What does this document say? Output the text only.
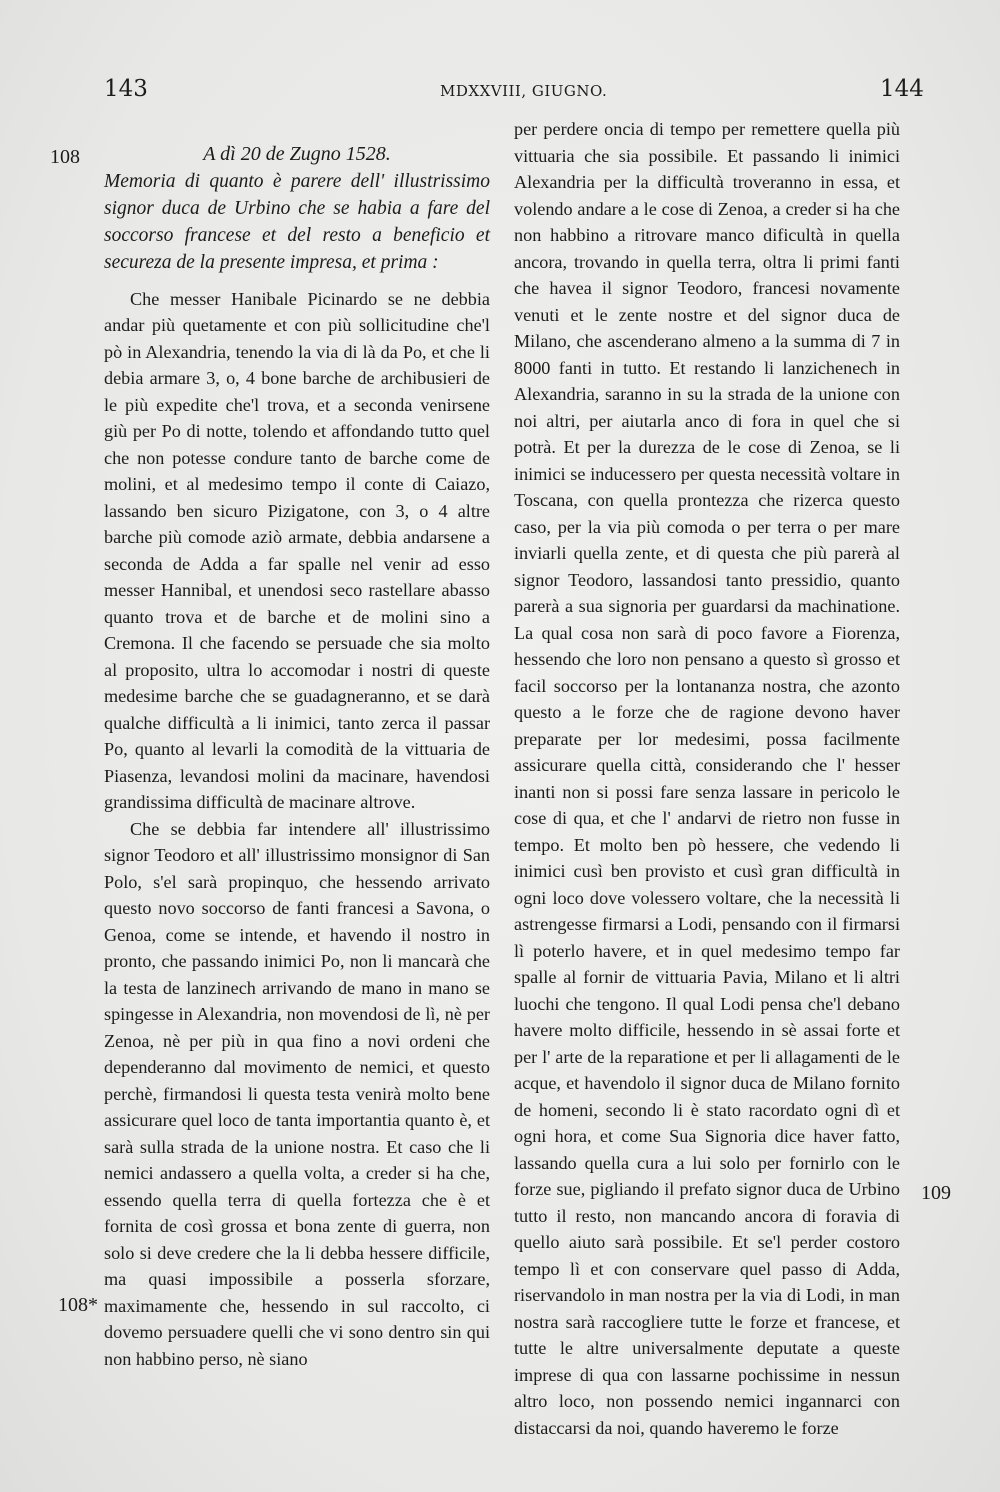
143	MDXXVIII, GIUGNO.	144
108
108*
109

A dì 20 de Zugno 1528.

Memoria di quanto è parere dell' illustrissimo signor duca de Urbino che se habia a fare del soccorso francese et del resto a beneficio et secureza de la presente impresa, et prima :

Che messer Hanibale Picinardo se ne debbia andar più quetamente et con più sollicitudine che'l pò in Alexandria, tenendo la via di là da Po, et che li debia armare 3, o, 4 bone barche de archibusieri de le più expedite che'l trova, et a seconda venirsene giù per Po di notte, tolendo et affondando tutto quel che non potesse condure tanto de barche come de molini, et al medesimo tempo il conte di Caiazo, lassando ben sicuro Pizigatone, con 3, o 4 altre barche più comode aziò armate, debbia andarsene a seconda de Adda a far spalle nel venir ad esso messer Hannibal, et unendosi seco rastellare abasso quanto trova et de barche et de molini sino a Cremona. Il che facendo se persuade che sia molto al proposito, ultra lo accomodar i nostri di queste medesime barche che se guadagneranno, et se darà qualche difficultà a li inimici, tanto zerca il passar Po, quanto al levarli la comodità de la vittuaria de Piasenza, levandosi molini da macinare, havendosi grandissima difficultà de macinare altrove.

Che se debbia far intendere all' illustrissimo signor Teodoro et all' illustrissimo monsignor di San Polo, s'el sarà propinquo, che hessendo arrivato questo novo soccorso de fanti francesi a Savona, o Genoa, come se intende, et havendo il nostro in pronto, che passando inimici Po, non li mancarà che la testa de lanzinech arrivando de mano in mano se spingesse in Alexandria, non movendosi de lì, nè per Zenoa, nè per più in qua fino a novi ordeni che dependeranno dal movimento de nemici, et questo perchè, firmandosi li questa testa venirà molto bene assicurare quel loco de tanta importantia quanto è, et sarà sulla strada de la unione nostra. Et caso che li nemici andassero a quella volta, a creder si ha che, essendo quella terra di quella fortezza che è et fornita de così grossa et bona zente di guerra, non solo si deve credere che la li debba hessere difficile, ma quasi impossibile a posserla sforzare, maximamente che, hessendo in sul raccolto, ci dovemo persuadere quelli che vi sono dentro sin qui non habbino perso, nè siano

per perdere oncia di tempo per remettere quella più vittuaria che sia possibile. Et passando li inimici Alexandria per la difficultà troveranno in essa, et volendo andare a le cose di Zenoa, a creder si ha che non habbino a ritrovare manco dificultà in quella ancora, trovando in quella terra, oltra li primi fanti che havea il signor Teodoro, francesi novamente venuti et le zente nostre et del signor duca de Milano, che ascenderano almeno a la summa di 7 in 8000 fanti in tutto. Et restando li lanzichenech in Alexandria, saranno in su la strada de la unione con noi altri, per aiutarla anco di fora in quel che si potrà. Et per la durezza de le cose di Zenoa, se li inimici se inducessero per questa necessità voltare in Toscana, con quella prontezza che rizerca questo caso, per la via più comoda o per terra o per mare inviarli quella zente, et di questa che più parerà al signor Teodoro, lassandosi tanto pressidio, quanto parerà a sua signoria per guardarsi da machinatione. La qual cosa non sarà di poco favore a Fiorenza, hessendo che loro non pensano a questo sì grosso et facil soccorso per la lontananza nostra, che azonto questo a le forze che de ragione devono haver preparate per lor medesimi, possa facilmente assicurare quella città, considerando che l' hesser inanti non si possi fare senza lassare in pericolo le cose di qua, et che l' andarvi de rietro non fusse in tempo. Et molto ben pò hessere, che vedendo li inimici cusì ben provisto et cusì gran difficultà in ogni loco dove volessero voltare, che la necessità li astrengesse firmarsi a Lodi, pensando con il firmarsi lì poterlo havere, et in quel medesimo tempo far spalle al fornir de vittuaria Pavia, Milano et li altri luochi che tengono. Il qual Lodi pensa che'l debano havere molto difficile, hessendo in sè assai forte et per l' arte de la reparatione et per li allagamenti de le acque, et havendolo il signor duca de Milano fornito de homeni, secondo li è stato racordato ogni dì et ogni hora, et come Sua Signoria dice haver fatto, lassando quella cura a lui solo per fornirlo con le forze sue, pigliando il prefato signor duca de Urbino tutto il resto, non mancando ancora di foravia di quello aiuto sarà possibile. Et se'l perder costoro tempo lì et con conservare quel passo di Adda, riservandolo in man nostra per la via di Lodi, in man nostra sarà raccogliere tutte le forze et francese, et tutte le altre universalmente deputate a queste imprese di qua con lassarne pochissime in nessun altro loco, non possendo nemici ingannarci con distaccarsi da noi, quando haveremo le forze
